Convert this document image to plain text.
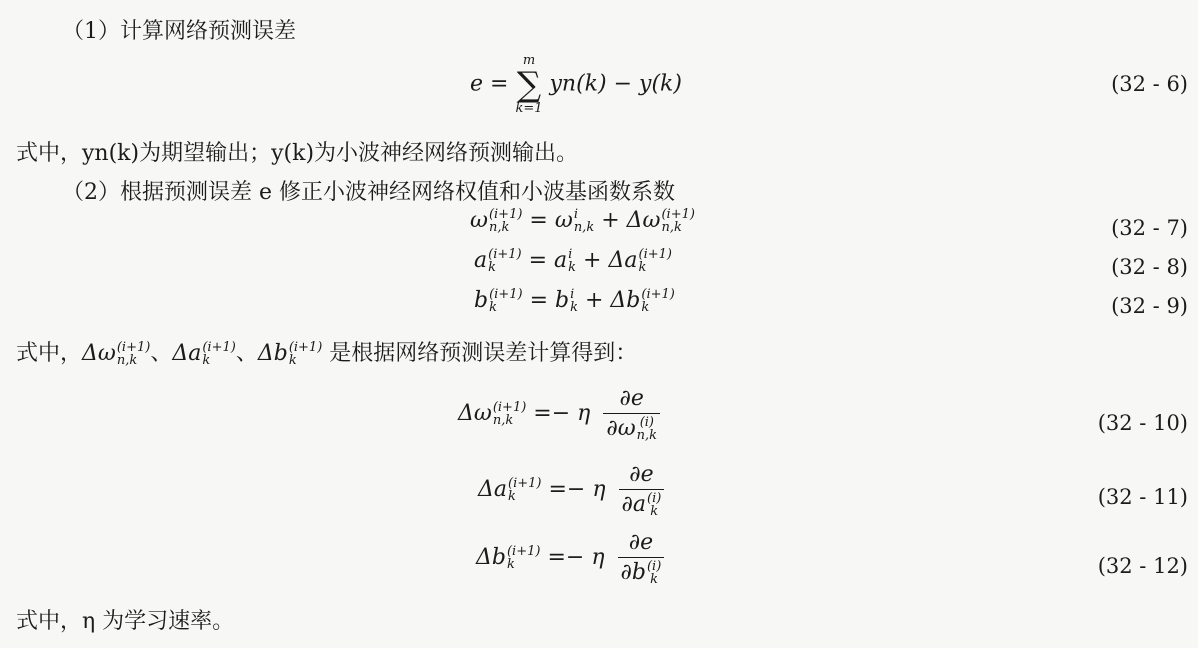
（1）计算网络预测误差
e =
m
∑
k=1
yn(k) − y(k)	(32 - 6)
式中，yn(k)为期望输出；y(k)为小波神经网络预测输出。
（2）根据预测误差 e 修正小波神经网络权值和小波基函数系数
ω (i+1)
n,k = ω i
n,k + Δω (i+1)
n,k	(32 - 7)
a (i+1)
k	= a i
k + Δa (i+1)
k	(32 - 8)
b (i+1)
k	= b i
k + Δb (i+1)
k	(32 - 9)
式中，Δω (i+1)
n,k 、Δa (i+1)
k	、Δb (i+1)
k	是根据网络预测误差计算得到：
Δω (i+1)
n,k =− η ∂e
∂ω (i)
n,k	(32 - 10)
Δa (i+1)
k	=− η ∂e
∂a (i)
k	(32 - 11)
Δb (i+1)
k	=− η ∂e
∂b (i)
k	(32 - 12)
式中，η 为学习速率。
